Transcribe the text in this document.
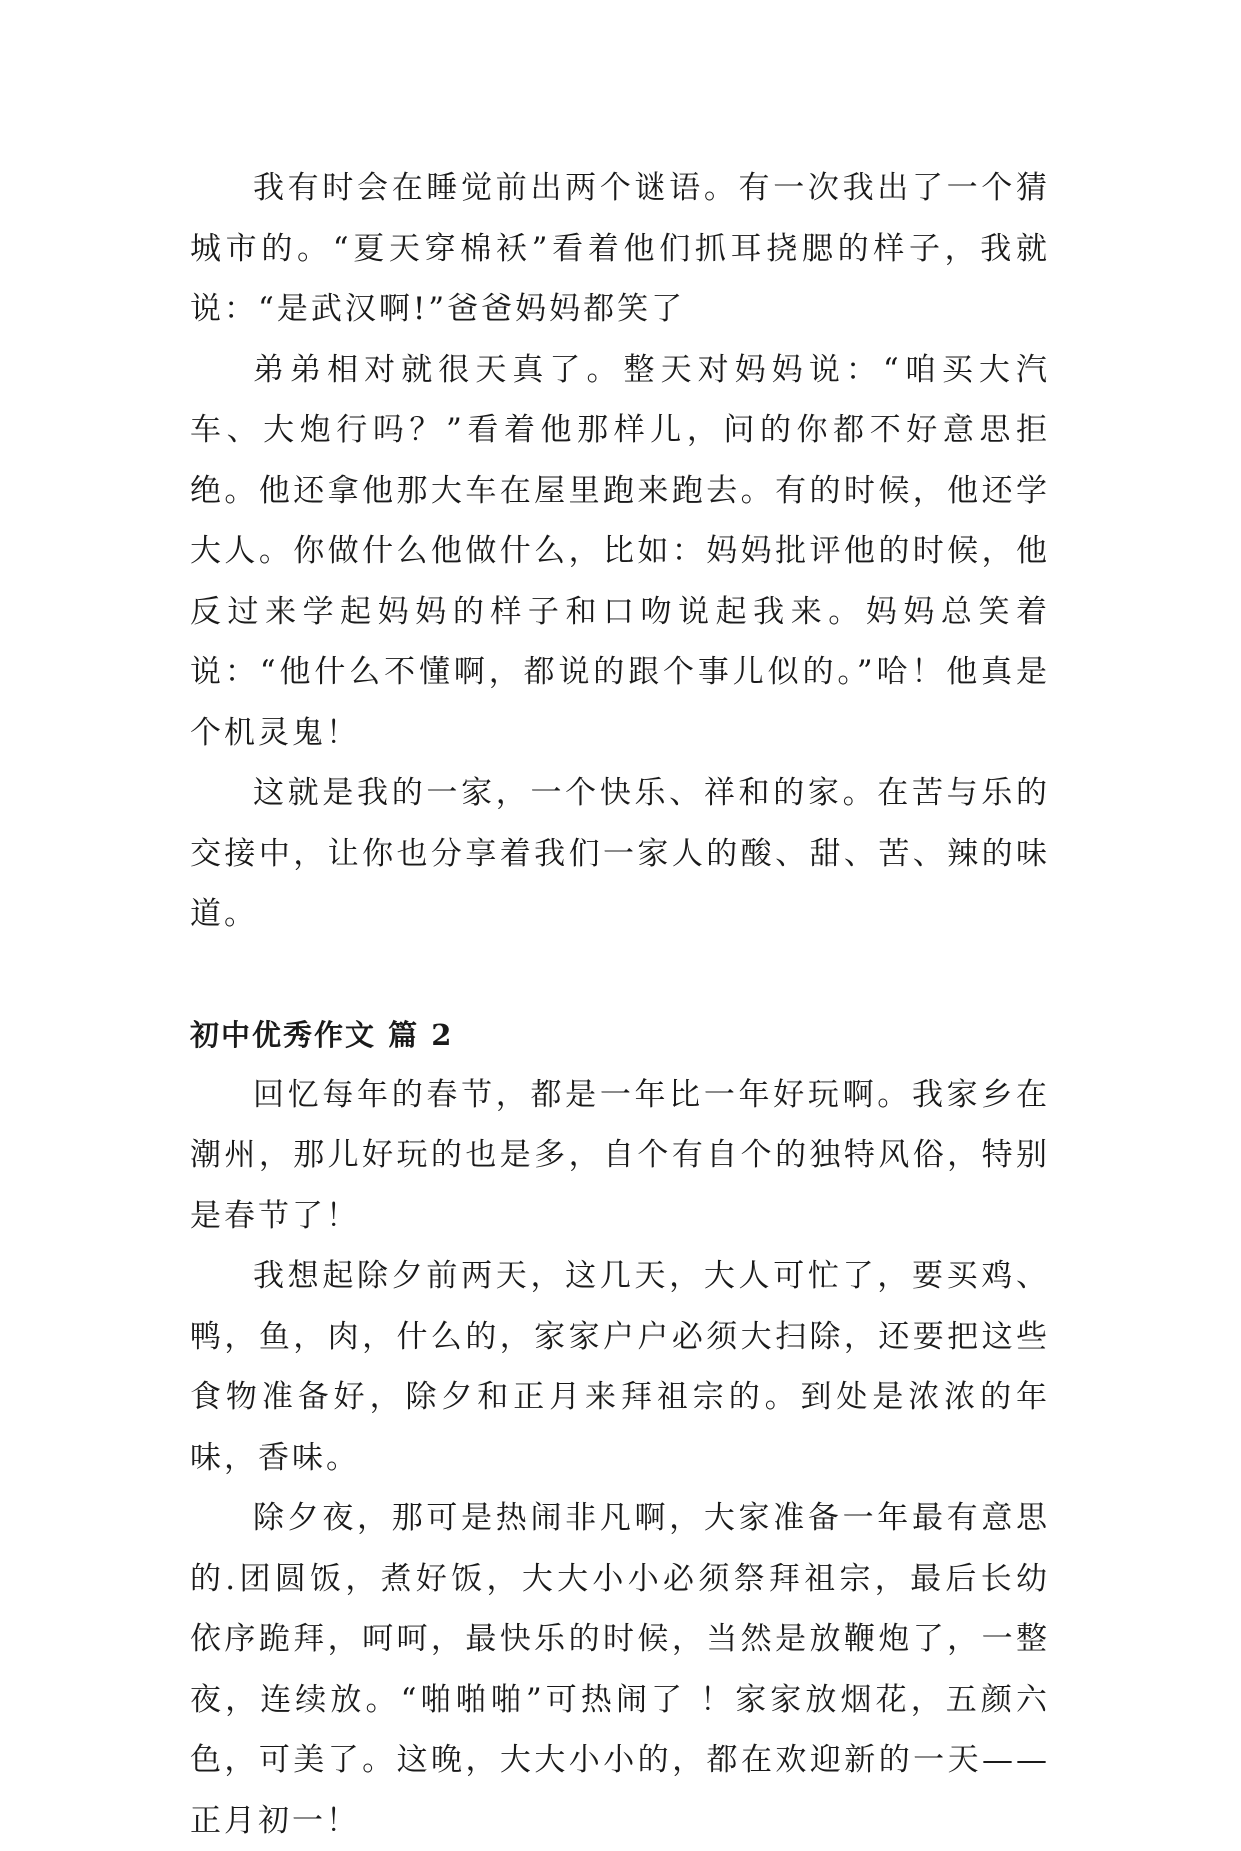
我有时会在睡觉前出两个谜语。有一次我出了一个猜城市的。“夏天穿棉袄”看着他们抓耳挠腮的样子，我就说：“是武汉啊!”爸爸妈妈都笑了

弟弟相对就很天真了。整天对妈妈说：“咱买大汽车、大炮行吗？”看着他那样儿，问的你都不好意思拒绝。他还拿他那大车在屋里跑来跑去。有的时候，他还学大人。你做什么他做什么，比如：妈妈批评他的时候，他反过来学起妈妈的样子和口吻说起我来。妈妈总笑着说：“他什么不懂啊，都说的跟个事儿似的。”哈！他真是个机灵鬼！

这就是我的一家，一个快乐、祥和的家。在苦与乐的交接中，让你也分享着我们一家人的酸、甜、苦、辣的味道。

初中优秀作文 篇 2

回忆每年的春节，都是一年比一年好玩啊。我家乡在潮州，那儿好玩的也是多，自个有自个的独特风俗，特别是春节了！

我想起除夕前两天，这几天，大人可忙了，要买鸡、鸭，鱼，肉，什么的，家家户户必须大扫除，还要把这些食物准备好，除夕和正月来拜祖宗的。到处是浓浓的年味，香味。

除夕夜，那可是热闹非凡啊，大家准备一年最有意思的.团圆饭，煮好饭，大大小小必须祭拜祖宗，最后长幼依序跪拜，呵呵，最快乐的时候，当然是放鞭炮了，一整夜，连续放。“啪啪啪”可热闹了 ！家家放烟花，五颜六色，可美了。这晚，大大小小的，都在欢迎新的一天——正月初一！
